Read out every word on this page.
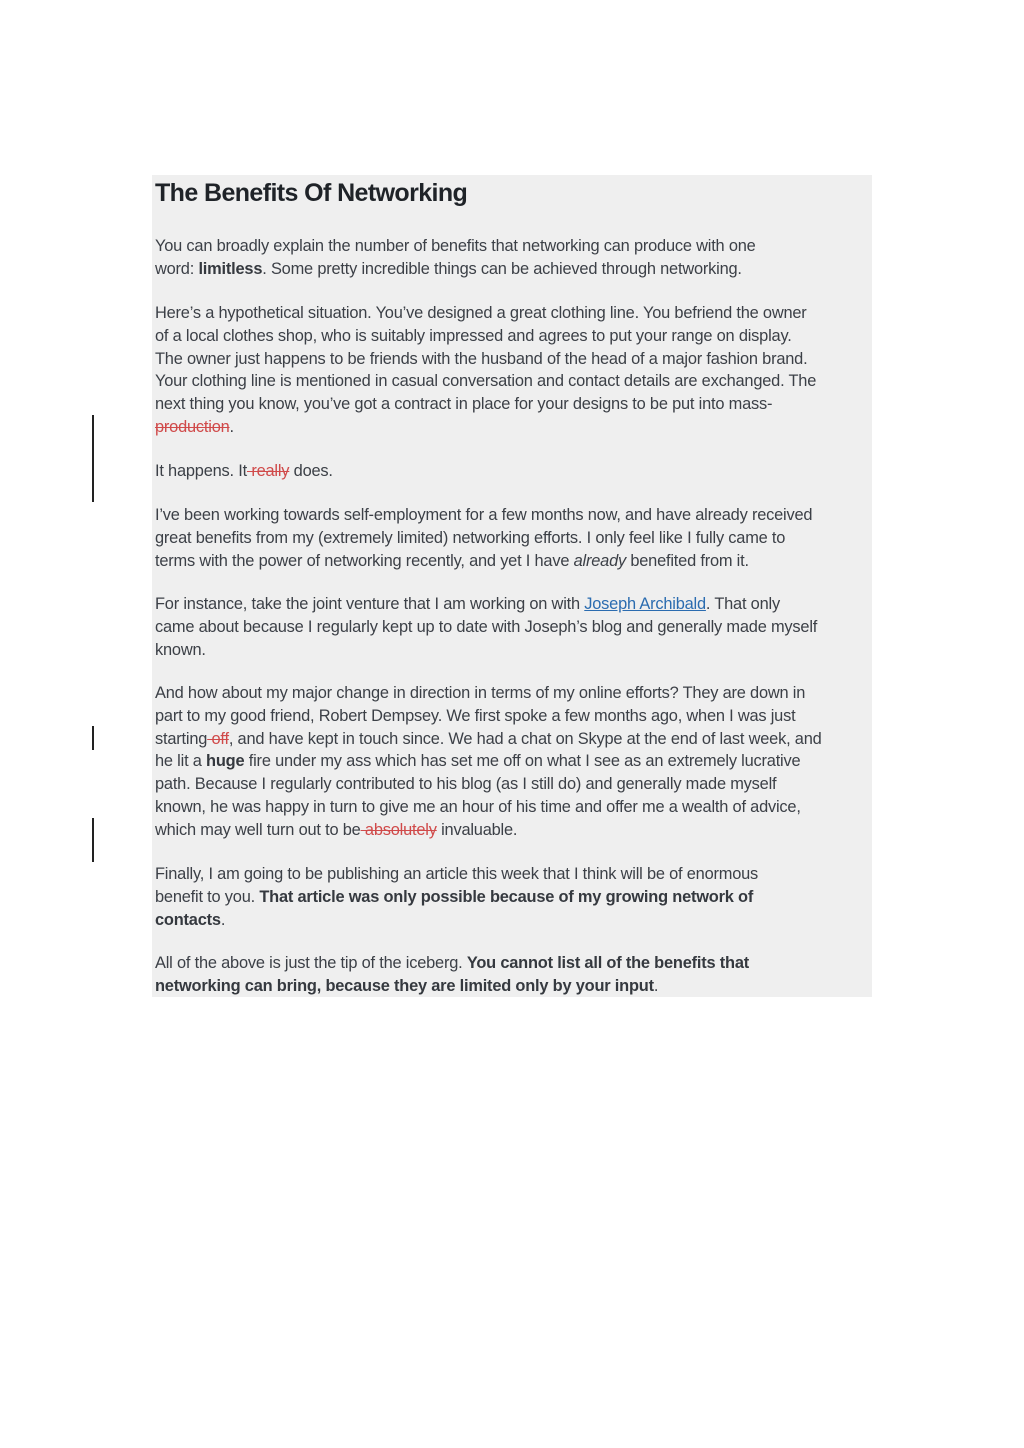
The Benefits Of Networking

You can broadly explain the number of benefits that networking can produce with one
word: limitless. Some pretty incredible things can be achieved through networking.

Here’s a hypothetical situation. You’ve designed a great clothing line. You befriend the owner
of a local clothes shop, who is suitably impressed and agrees to put your range on display.
The owner just happens to be friends with the husband of the head of a major fashion brand.
Your clothing line is mentioned in casual conversation and contact details are exchanged. The
next thing you know, you’ve got a contract in place for your designs to be put into mass-
production.

It happens. It really does.

I’ve been working towards self-employment for a few months now, and have already received
great benefits from my (extremely limited) networking efforts. I only feel like I fully came to
terms with the power of networking recently, and yet I have already benefited from it.

For instance, take the joint venture that I am working on with Joseph Archibald. That only
came about because I regularly kept up to date with Joseph’s blog and generally made myself
known.

And how about my major change in direction in terms of my online efforts? They are down in
part to my good friend, Robert Dempsey. We first spoke a few months ago, when I was just
starting off, and have kept in touch since. We had a chat on Skype at the end of last week, and
he lit a huge fire under my ass which has set me off on what I see as an extremely lucrative
path. Because I regularly contributed to his blog (as I still do) and generally made myself
known, he was happy in turn to give me an hour of his time and offer me a wealth of advice,
which may well turn out to be absolutely invaluable.

Finally, I am going to be publishing an article this week that I think will be of enormous
benefit to you. That article was only possible because of my growing network of
contacts.

All of the above is just the tip of the iceberg. You cannot list all of the benefits that
networking can bring, because they are limited only by your input.
